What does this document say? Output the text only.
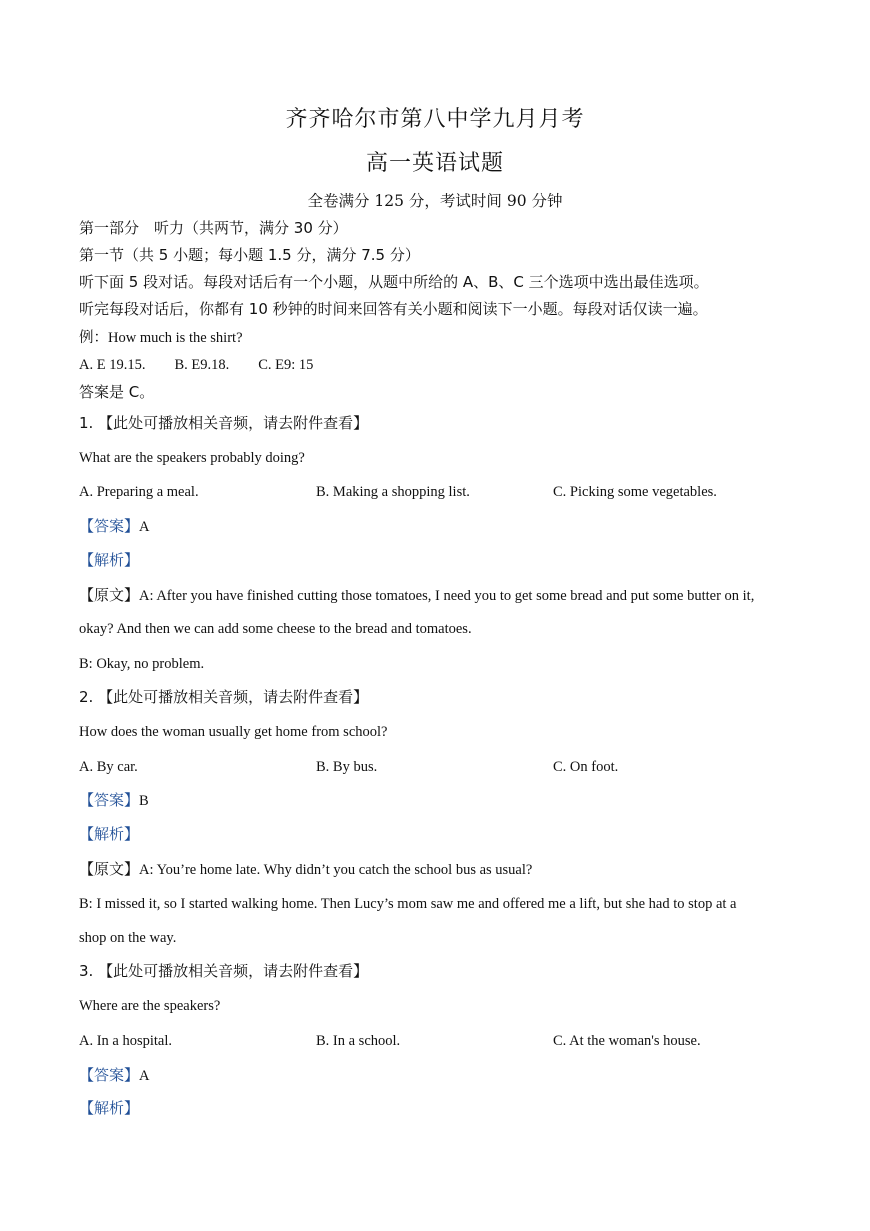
齐齐哈尔市第八中学九月月考
高一英语试题
全卷满分 125 分，考试时间 90 分钟
第一部分　听力（共两节，满分 30 分）
第一节（共 5 小题；每小题 1.5 分，满分 7.5 分）
听下面 5 段对话。每段对话后有一个小题，从题中所给的 A、B、C 三个选项中选出最佳选项。
听完每段对话后，你都有 10 秒钟的时间来回答有关小题和阅读下一小题。每段对话仅读一遍。
例：How much is the shirt?
A. E 19.15.　　B. E9.18.　　C. E9: 15
答案是 C。
1. 【此处可播放相关音频，请去附件查看】
What are the speakers probably doing?
A. Preparing a meal.	B. Making a shopping list.	C. Picking some vegetables.
【答案】A
【解析】
【原文】A: After you have finished cutting those tomatoes, I need you to get some bread and put some butter on it,
okay? And then we can add some cheese to the bread and tomatoes.
B: Okay, no problem.
2. 【此处可播放相关音频，请去附件查看】
How does the woman usually get home from school?
A. By car.	B. By bus.	C. On foot.
【答案】B
【解析】
【原文】A: You’re home late. Why didn’t you catch the school bus as usual?
B: I missed it, so I started walking home. Then Lucy’s mom saw me and offered me a lift, but she had to stop at a
shop on the way.
3. 【此处可播放相关音频，请去附件查看】
Where are the speakers?
A. In a hospital.	B. In a school.	C. At the woman's house.
【答案】A
【解析】
